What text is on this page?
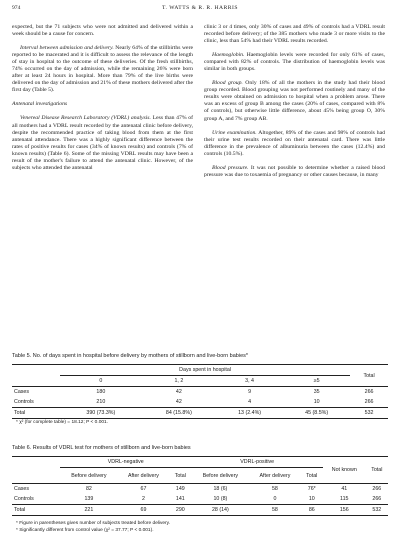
974	T. WATTS & R. R. HARRIS

expected, but the 71 subjects who were not admitted and delivered within a week should be a cause for concern.

Interval between admission and delivery. Nearly 64% of the stillbirths were reported to be macerated and it is difficult to assess the relevance of the length of stay in hospital to the outcome of these deliveries. Of the fresh stillbirths, 74% occurred on the day of admission, while the remaining 26% were born after at least 24 hours in hospital. More than 79% of the live births were delivered on the day of admission and 21% of these mothers delivered after the first day (Table 5).

Antenatal investigations

Venereal Disease Research Laboratory (VDRL) analysis. Less than 47% of all mothers had a VDRL result recorded by the antenatal clinic before delivery, despite the recommended practice of taking blood from them at the first antenatal attendance. There was a highly significant difference between the rates of positive results for cases (34% of known results) and controls (7% of known results) (Table 6). Some of the missing VDRL results may have been a result of the mother's failure to attend the antenatal clinic. However, of the subjects who attended the antenatal

clinic 3 or 4 times, only 30% of cases and 49% of controls had a VDRL result recorded before delivery; of the 385 mothers who made 3 or more visits to the clinic, less than 54% had their VDRL results recorded.

Haemoglobin. Haemoglobin levels were recorded for only 61% of cases, compared with 82% of controls. The distribution of haemoglobin levels was similar in both groups.

Blood group. Only 18% of all the mothers in the study had their blood group recorded. Blood grouping was not performed routinely and many of the results were obtained on admission to hospital when a problem arose. There was an excess of group B among the cases (20% of cases, compared with 8% of controls), but otherwise little difference, about 45% being group O, 30% group A, and 7% group AB.

Urine examination. Altogether, 89% of the cases and 98% of controls had their urine test results recorded on their antenatal card. There was little difference in the prevalence of albuminuria between the cases (12.4%) and controls (10.5%).

Blood pressure. It was not possible to determine whether a raised blood pressure was due to toxaemia of pregnancy or other causes because, in many

Table 5. No. of days spent in hospital before delivery by mothers of stillborn and live-born babies*
	Days spent in hospital				Total
	0	1, 2	3, 4	≥5	
Cases	180	42	9	35	266
Controls	210	42	4	10	266
Total	390 (73.3%)	84 (15.8%)	13 (2.4%)	45 (8.5%)	532
* χ² (for complete table) = 18.12; P < 0.001.
Table 6. Results of VDRL test for mothers of stillborn and live-born babies
	VDRL-negative			VDRL-positive			Not known	Total
	Before delivery	After delivery	Total	Before delivery	After delivery	Total		
Cases	82	67	149	18 (6)	58	76*	41	266
Controls	139	2	141	10 (8)	0	10	115	266
Total	221	69	290	28 (14)	58	86	156	532
* Figure in parentheses gives number of subjects treated before delivery.
* Significantly different from control value (χ² = 37.77; P < 0.001).
